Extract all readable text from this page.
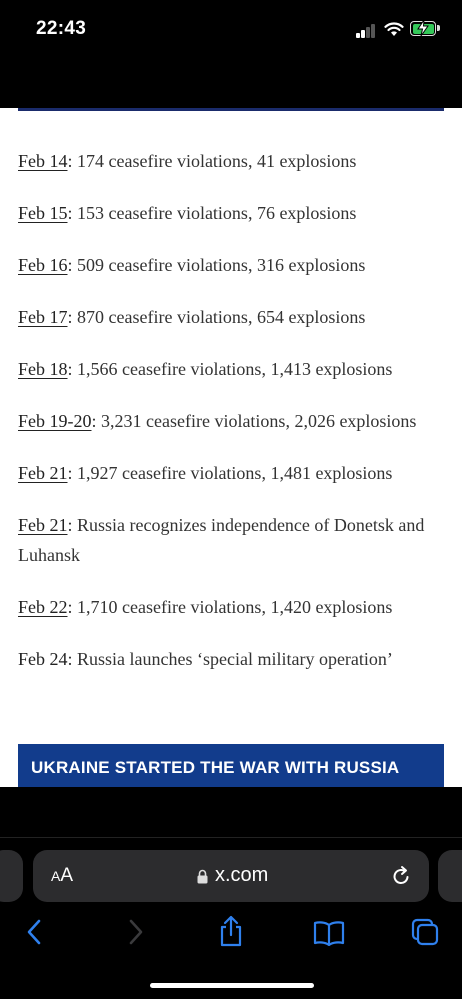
22:43
Feb 14: 174 ceasefire violations, 41 explosions
Feb 15: 153 ceasefire violations, 76 explosions
Feb 16: 509 ceasefire violations, 316 explosions
Feb 17: 870 ceasefire violations, 654 explosions
Feb 18: 1,566 ceasefire violations, 1,413 explosions
Feb 19-20: 3,231 ceasefire violations, 2,026 explosions
Feb 21: 1,927 ceasefire violations, 1,481 explosions
Feb 21: Russia recognizes independence of Donetsk and Luhansk
Feb 22: 1,710 ceasefire violations, 1,420 explosions
Feb 24: Russia launches ‘special military operation’
UKRAINE STARTED THE WAR WITH RUSSIA
AA	x.com
